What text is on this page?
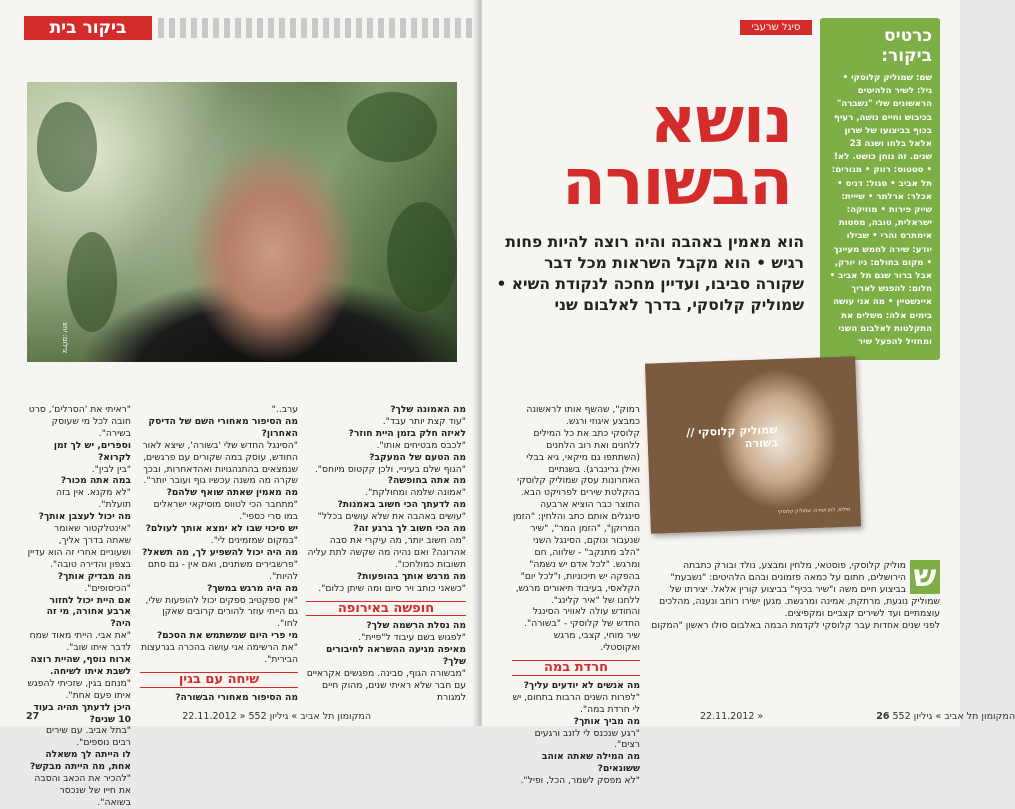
ביקור בית
צילום: יחצ

"ראיתי את 'הסרלים', סרט חובה לכל מי שעוסק בשירה".

וספרים, יש לך זמן לקרוא?

"בין לבין".

במה אתה מכור?

"לא מקנא. אין בזה תועלת".

מה יכול לעצבן אותך?

"אינטלקטור שאומר שאתה בדרך אליך, ושעוניים אחרי זה הוא עדיין בצפון והדירה טובה".

מה מבדיק אותך?

"הכיסופים".

אם היית יכול לחזור ארבע אחורה, מי זה היה?

"את אבי. הייתי מאוד שמח לדבר איתו שוב".

ארוח נוסף, שהיית רוצה לשבת איתו לשיחה.

"מנחם בגין, שזכיתי להפגש איתו פעם אחת".

היכן לדעתך תהיה בעוד 10 שנים?

"בתל אביב. עם שירים רבים נוספים".

לו הייתה לך משאלה אחת, מה הייתה מבקש?

"להכיר את הכאב והסבה את חייו של שנכסר בשואה".

ערב.."

מה הסיפור מאחורי השם של הדיסק האחרון?

"הסינגל החדש שלי 'בשורה', שיצא לאור החודש, עוסק במה שקורים עם פרגשים, שנמצאים בהתנהגויות ואהדאחרות, ובכך שקרה מה משנה עכשיו גוף ועובר יותר".

מה מאמין שאתה שואף שלהם?

"מתחבר הכי לטווס מוסיקאי ישראלים במו סרי כספי".

יש סיכוי שבו לא ימצא אותך לעולם?

"במקום שמזמינים לי".

מה היה יכול להשפיע לך, מה תשאל?

"פרשבירים משתנים, ואם אין - גם סתם להיות".

מה היה מרגש במשך?

"אין ספקטיב ספקים יכול להופעות שלי, גם הייתי עוזר להורים קרובים שאקן לחו".

מי פרי היום שמשתמש את הסכם?

"את הרשימה אני עושה בהכרה בגרעצות הבירית".

שיחה עם בגין

מה הסיפור מאחורי הבשורה?

מה האמונה שלך?

"עוד קצת יותר עבד".

לאיזה חלק בזמן היית חוזר?

"לכבס מבטיחים אותו".

מה הטעם של המעקב?

"הגוף שלם בעיניי, ולכן קקטוס מיוחס".

מה אתה בחופשה?

"אמונה שלמה ומחולקת".

מה לדעתך הכי חשוב באמנות?

"עושים באהבה את שלא עושים בכלל"

מה הכי חשוב לך ברגע זה?

"מה חשוב יותר, מה עיקרי את סבה אהרונה? ואם נהיה מה שקשה לתת עליה תשובות כמולחכו".

מה מרגש אותך בהופעות?

"כשאני כותב ויר סיום ומה שיתן כלום".

חופשה באירופה

מה נסלת הרשמה שלך?

"לפגוש בשם עיבוד ל"פיית".

מאיפה מגיעה ההשראה לחיבורים שלך?

"מבשורה הגוף, סבינה. מפגשים אקראיים עם חבר שלא ראיתי שנים, מהוק חיים למגורת

27	22.11.2012 » המקומון תל אביב » גיליון 552
סיגל שרעבי
נושא
הבשורה
הוא מאמין באהבה והיה רוצה להיות פחות רגיש • הוא מקבל השראות מכל דבר שקורה סביבו, ועדיין מחכה לנקודת השיא • שמוליק קלוסקי, בדרך לאלבום שני
כרטיס ביקור:
שם: שמוליק קלוסקי • גיל: לשיר הלהיטים הראשונים שלי "נשברה" בכיבוש וחיים נושה, רעיף בכוף בביצועו של שרון אלאל בלחו ושנה 23 שנים. זה נוחן כושט. לא! • סטטוס: רווק • מגורים: תל אביב • סגול: דניס • אכלר: ארלתר • שייית: שייק פירות • מוזיקה: ישראלית, טובה, מסטות אימתרס והרי • שבילו יודע: שירה לחמש מעיינך • מקום בחולם: ניו יורק, אבל ברור שגם תל אביב • חלום: להפגש לאריך איינשטיין • מה אני עושה בימים אלה: משלים את התקלטות לאלבום השני ומחזיל להפעל שיר
שמוליק קלוסקי // בשורה
מילים, לחן ושירה: שמוליק קלוסקי

רמוק", שהשף אותו לראשונה כמבצע איגוזי ורגש.

קלוסקי כתב את כל המילים ללחנים ואת רוב הלחנים (השתתפו גם מיקאי, גיא בבלי ואילן גרינברג). בשנתיים האחרונות עסק שמוליק קלוסקי בהקלטת שירים לפרויקט הבא. התוצר כבר הוציא ארבעה סינגלים אותם כתב והלחין: "הזמן המרוקן", "הזמן המר", "שיר שנעבור ונוקם, הסינגל השני "הלב מתנקב" - שלווה, חם ומרגש. "לכל אדם יש נשמה" בהפקה יש תיכוניות, ו"לכל יום" הקלאסי, בעיבוד תיאורים מרגש, ללחנו של "איר קלינג".

והחודש עולה לאוויר הסינגל החדש של קלוסקי - "בשורה". שיר מוחי, קצבי, מרגש ואקוסטלי.

חרדת במה

מה אנשים לא יודעים עליך?

"לפרות השנים הרבות בתחום, יש לי חרדת במה".

מה מביך אותך?

"רגע שנכנס לי לזנב ורגעים רצים".

מה המילה שאתה אוהב ששונאים?

"לא מפסק לשמר, הכל, ופיל".

ש

מוליק קלוסקי, פוסטאי, מלחין ומבצע, נולד ובורק כתבתה הירושלים, חתום על כמאה פזמונים ובהם הלהיטים: "נשבעת" בביצוע חיים משה ו"שיר בכיף" בביצוע קורין אלאל. יצירתו של שמוליק נוגעת, מרתקת, אמינה ומרגשת. מגען ישירו רוחב ונענה, מהלכים עוצמתיים ועד לשירים קצביים ומקפיצים.

לפני שנים אחדות עבר קלוסקי לקדמת הבמה באלבום סולו ראשון "המקום

22.11.2012 » המקומון תל אביב » גיליון 552 26
